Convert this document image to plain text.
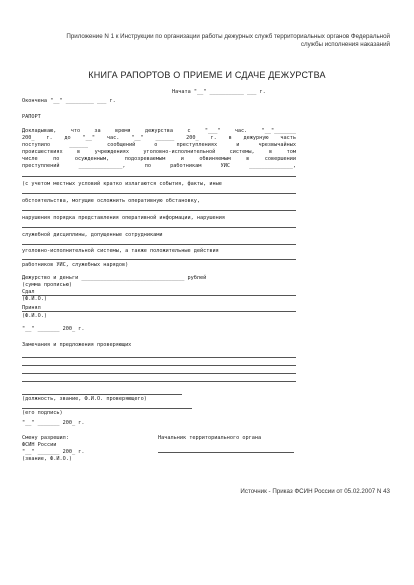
Приложение N 1 к Инструкции по организации работы дежурных служб территориальных органов Федеральной
службы исполнения наказаний
КНИГА РАПОРТОВ О ПРИЕМЕ И СДАЧЕ ДЕЖУРСТВА
Начата "__" ___________ ___ г.
Окончена "__" _________ ___ г.
РАПОРТ
Докладываю, что за время дежурства с "___" час. "__"_______
200_ г. до "__" час. "__" ______ 200_ г. в дежурную часть
поступило ______ сообщений о преступлениях и чрезвычайных
происшествиях в учреждениях уголовно-исполнительной системы, в том
числе по осужденным, подозреваемым и обвиняемым в совершении
преступлений ______________, по работникам УИС ______________,
(с учетом местных условий кратко излагаются события, факты, иные
обстоятельства, могущие осложнить оперативную обстановку,
нарушения порядка представления оперативной информации, нарушения
служебной дисциплины, допущенные сотрудниками
уголовно-исполнительной системы, а также положительные действия
работников УИС, служебных нарядов)
Дежурство и деньги _________________________________ рублей
(сумма прописью)
Сдал
(Ф.И.О.)
Принял
(Ф.И.О.)
"__" _______ 200_ г.
Замечания и предложения проверяющих
(должность, звание, Ф.И.О. проверяющего)
(его подпись)
"__" _______ 200_ г.
Смену разрешил:
ФСИН России
"__" _______ 200_ г.
(звание, Ф.И.О.)
Начальник территориального органа
Источник - Приказ ФСИН России от 05.02.2007 N 43
